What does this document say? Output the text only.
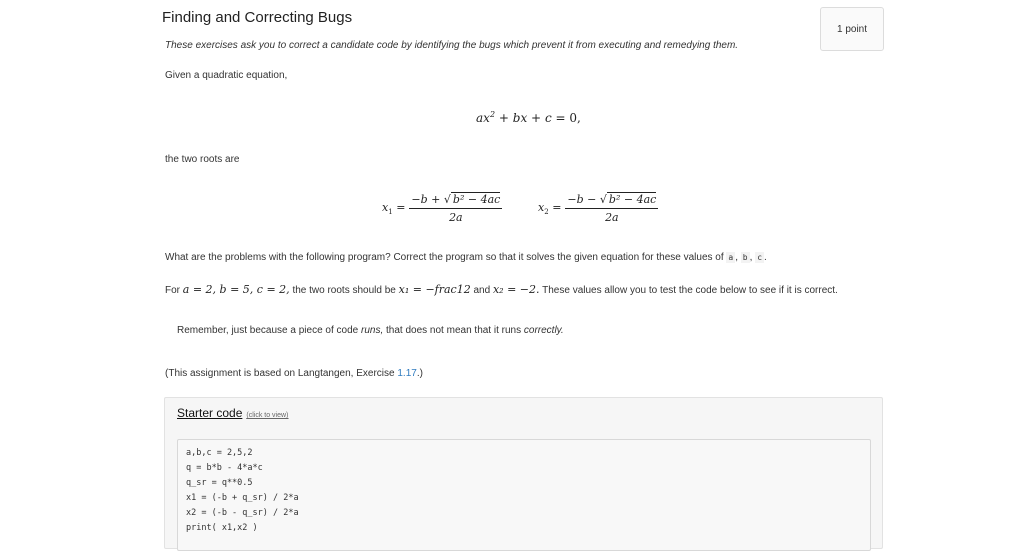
Finding and Correcting Bugs
1 point
These exercises ask you to correct a candidate code by identifying the bugs which prevent it from executing and remedying them.
Given a quadratic equation,
$ax^2$ + bx + c = 0,
the two roots are
$x_1 = \frac{\text{−b + √ b² − 4ac}}{2a}$	$x_2 = \frac{\text{−b − √ b² − 4ac}}{2a}$
What are the problems with the following program? Correct the program so that it solves the given equation for these values of a , b , c .
For a = 2, b = 5, c = 2, the two roots should be x₁ = −frac12 and x₂ = −2. These values allow you to test the code below to see if it is correct.
Remember, just because a piece of code runs, that does not mean that it runs correctly.
(This assignment is based on Langtangen, Exercise 1.17.)
Starter code (click to view)
a,b,c = 2,5,2
q = b*b - 4*a*c
q_sr = q**0.5
x1 = (-b + q_sr) / 2*a
x2 = (-b - q_sr) / 2*a
print( x1,x2 )
